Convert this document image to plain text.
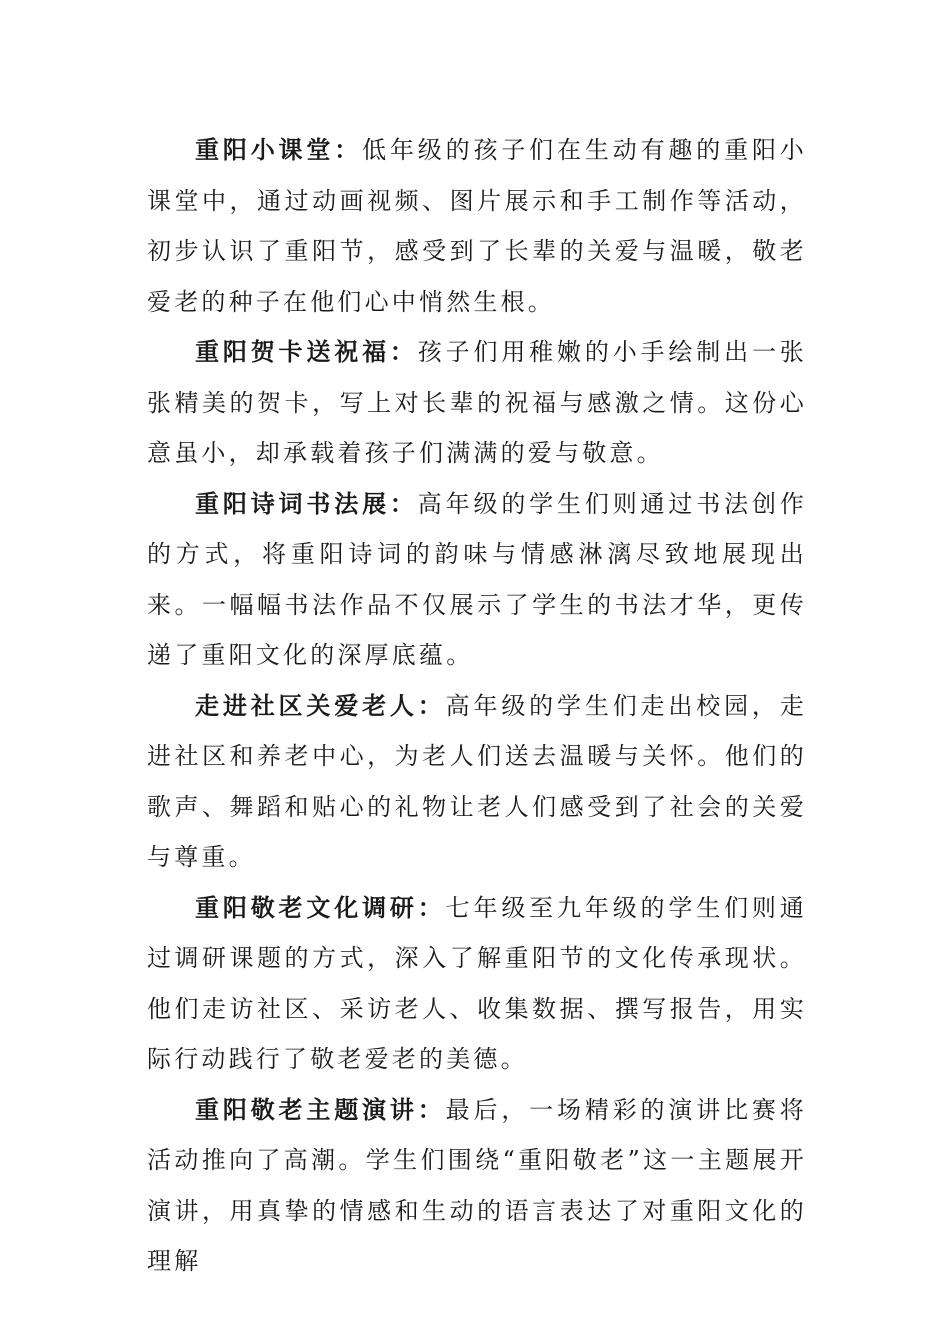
重阳小课堂：低年级的孩子们在生动有趣的重阳小课堂中，通过动画视频、图片展示和手工制作等活动，初步认识了重阳节，感受到了长辈的关爱与温暖，敬老爱老的种子在他们心中悄然生根。

重阳贺卡送祝福：孩子们用稚嫩的小手绘制出一张张精美的贺卡，写上对长辈的祝福与感激之情。这份心意虽小，却承载着孩子们满满的爱与敬意。

重阳诗词书法展：高年级的学生们则通过书法创作的方式，将重阳诗词的韵味与情感淋漓尽致地展现出来。一幅幅书法作品不仅展示了学生的书法才华，更传递了重阳文化的深厚底蕴。

走进社区关爱老人：高年级的学生们走出校园，走进社区和养老中心，为老人们送去温暖与关怀。他们的歌声、舞蹈和贴心的礼物让老人们感受到了社会的关爱与尊重。

重阳敬老文化调研：七年级至九年级的学生们则通过调研课题的方式，深入了解重阳节的文化传承现状。他们走访社区、采访老人、收集数据、撰写报告，用实际行动践行了敬老爱老的美德。

重阳敬老主题演讲：最后，一场精彩的演讲比赛将活动推向了高潮。学生们围绕“重阳敬老”这一主题展开演讲，用真挚的情感和生动的语言表达了对重阳文化的理解
